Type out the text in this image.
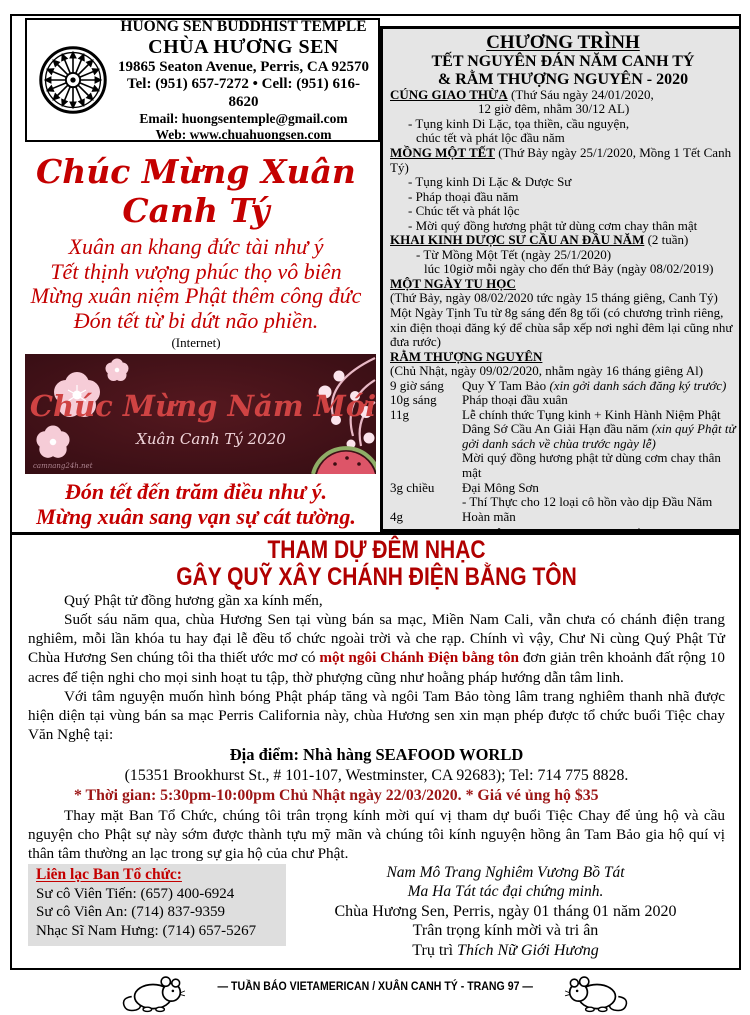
HUONG SEN BUDDHIST TEMPLE
CHÙA HƯƠNG SEN
19865 Seaton Avenue, Perris, CA 92570
Tel: (951) 657-7272 • Cell: (951) 616-8620
Email: huongsentemple@gmail.com
Web: www.chuahuongsen.com
Chúc Mừng Xuân Canh Tý
Xuân an khang đức tài như ý
Tết thịnh vượng phúc thọ vô biên
Mừng xuân niệm Phật thêm công đức
Đón tết từ bi dứt não phiền.
(Internet)
Chúc Mừng Năm Mới
Xuân Canh Tý 2020
camnang24h.net
Đón tết đến trăm điều như ý.
Mừng xuân sang vạn sự cát tường.
CHƯƠNG TRÌNH
TẾT NGUYÊN ĐÁN NĂM CANH TÝ
& RẰM THƯỢNG NGUYÊN - 2020
CÚNG GIAO THỪA (Thứ Sáu ngày 24/01/2020,
12 giờ đêm, nhằm 30/12 AL)
- Tụng kinh Di Lặc, tọa thiền, cầu nguyện,
chúc tết và phát lộc đầu năm
MỒNG MỘT TẾT (Thứ Bảy ngày 25/1/2020, Mồng 1 Tết Canh
Tý)
- Tụng kinh Di Lặc & Dược Sư
- Pháp thoại đầu năm
- Chúc tết và phát lộc
- Mời quý đồng hương phật tử dùng cơm chay thân mật
KHAI KINH DƯỢC SƯ CẦU AN ĐẦU NĂM (2 tuần)
- Từ Mồng Một Tết (ngày 25/1/2020)
lúc 10giờ mỗi ngày cho đến thứ Bảy (ngày 08/02/2019)
MỘT NGÀY TU HỌC
(Thứ Bảy, ngày 08/02/2020 tức ngày 15 tháng giêng, Canh Tý)
Một Ngày Tịnh Tu từ 8g sáng đến 8g tối (có chương trình riêng, xin điện thoại đăng ký để chùa sắp xếp nơi nghỉ đêm lại cũng như đưa rước)
RẰM THƯỢNG NGUYÊN
(Chủ Nhật, ngày 09/02/2020, nhằm ngày 16 tháng giêng Al)
9 giờ sáng	Quy Y Tam Bảo (xin gởi danh sách đăng ký trước)
10g sáng	Pháp thoại đầu xuân
11g	Lễ chính thức Tụng kinh + Kinh Hành Niệm Phật Dâng Sớ Cầu An Giải Hạn đầu năm (xin quý Phật tử gởi danh sách về chùa trước ngày lễ)
Mời quý đồng hương phật tử dùng cơm chay thân mật
3g chiều	Đại Mông Sơn
- Thí Thực cho 12 loại cô hồn vào dịp Đầu Năm
4g	Hoàn mãn
THAM DỰ ĐÊM NHẠC
GÂY QUỸ XÂY CHÁNH ĐIỆN BẰNG TÔN

Quý Phật tử đồng hương gần xa kính mến,

Suốt sáu năm qua, chùa Hương Sen tại vùng bán sa mạc, Miền Nam Cali, vẫn chưa có chánh điện trang nghiêm, mỗi lần khóa tu hay đại lễ đều tổ chức ngoài trời và che rạp. Chính vì vậy, Chư Ni cùng Quý Phật Tử Chùa Hương Sen chúng tôi tha thiết ước mơ có một ngôi Chánh Điện bằng tôn đơn giản trên khoảnh đất rộng 10 acres để tiện nghi cho mọi sinh hoạt tu tập, thờ phượng cũng như hoằng pháp hướng dẫn tâm linh.

Với tâm nguyện muốn hình bóng Phật pháp tăng và ngôi Tam Bảo tòng lâm trang nghiêm thanh nhã được hiện diện tại vùng bán sa mạc Perris California này, chùa Hương sen xin mạn phép được tổ chức buổi Tiệc chay Văn Nghệ tại:

Địa điểm: Nhà hàng SEAFOOD WORLD
(15351 Brookhurst St., # 101-107, Westminster, CA 92683); Tel: 714 775 8828.
* Thời gian: 5:30pm-10:00pm Chủ Nhật ngày 22/03/2020. * Giá vé ủng hộ $35

Thay mặt Ban Tổ Chức, chúng tôi trân trọng kính mời quí vị tham dự buổi Tiệc Chay để ủng hộ và cầu nguyện cho Phật sự này sớm được thành tựu mỹ mãn và chúng tôi kính nguyện hồng ân Tam Bảo gia hộ quí vị thân tâm thường an lạc trong sự gia hộ của chư Phật.

Liên lạc Ban Tổ chức:
Sư cô Viên Tiến: (657) 400-6924
Sư cô Viên An: (714) 837-9359
Nhạc Sĩ Nam Hưng: (714) 657-5267
Nam Mô Trang Nghiêm Vương Bồ Tát
Ma Ha Tát tác đại chứng minh.
Chùa Hương Sen, Perris, ngày 01 tháng 01 năm 2020
Trân trọng kính mời và tri ân
Trụ trì Thích Nữ Giới Hương
— TUẦN BÁO VIETAMERICAN / XUÂN CANH TÝ - TRANG 97 —
